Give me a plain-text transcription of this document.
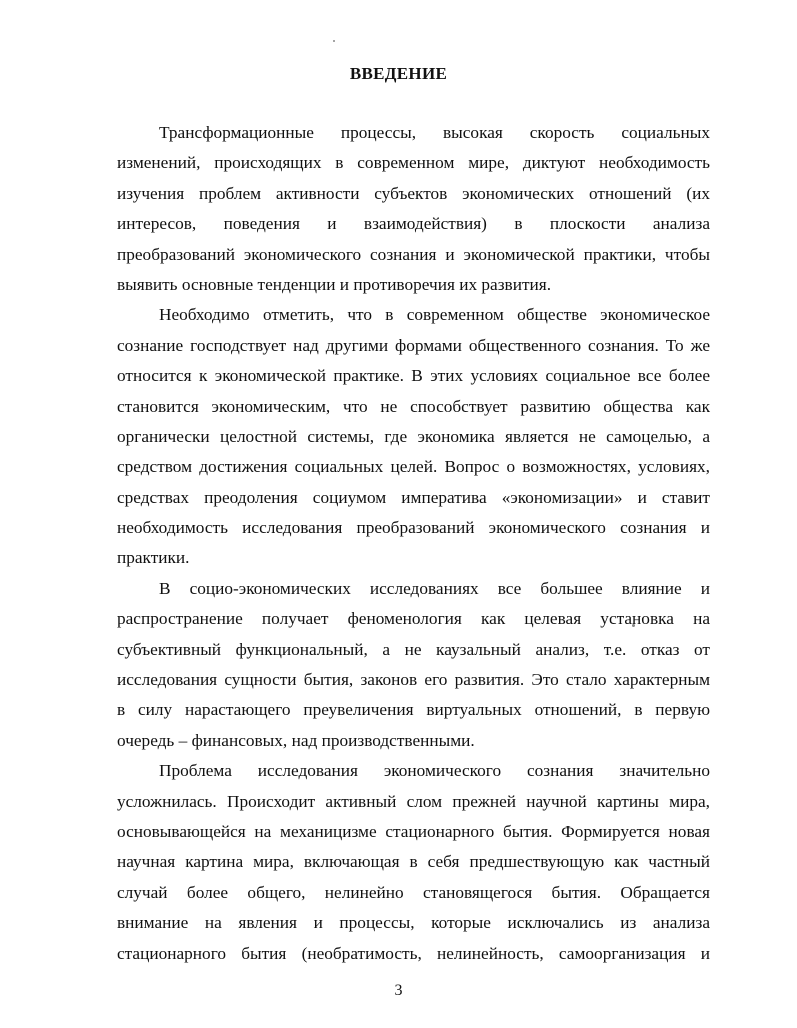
ВВЕДЕНИЕ
Трансформационные процессы, высокая скорость социальных
изменений, происходящих в современном мире, диктуют необходимость
изучения проблем активности субъектов экономических отношений (их
интересов, поведения и взаимодействия) в плоскости анализа
преобразований экономического сознания и экономической практики, чтобы
выявить основные тенденции и противоречия их развития.
Необходимо отметить, что в современном обществе экономическое
сознание господствует над другими формами общественного сознания. То же
относится к экономической практике. В этих условиях социальное все более
становится экономическим, что не способствует развитию общества как
органически целостной системы, где экономика является не самоцелью, а
средством достижения социальных целей. Вопрос о возможностях, условиях,
средствах преодоления социумом императива «экономизации» и ставит
необходимость исследования преобразований экономического сознания и
практики.
В социо-экономических исследованиях все большее влияние и
распространение получает феноменология как целевая установка на
субъективный функциональный, а не каузальный анализ, т.е. отказ от
исследования сущности бытия, законов его развития. Это стало характерным
в силу нарастающего преувеличения виртуальных отношений, в первую
очередь – финансовых, над производственными.
Проблема исследования экономического сознания значительно
усложнилась. Происходит активный слом прежней научной картины мира,
основывающейся на механицизме стационарного бытия. Формируется новая
научная картина мира, включающая в себя предшествующую как частный
случай более общего, нелинейно становящегося бытия. Обращается
внимание на явления и процессы, которые исключались из анализа
стационарного бытия (необратимость, нелинейность, самоорганизация и
3
